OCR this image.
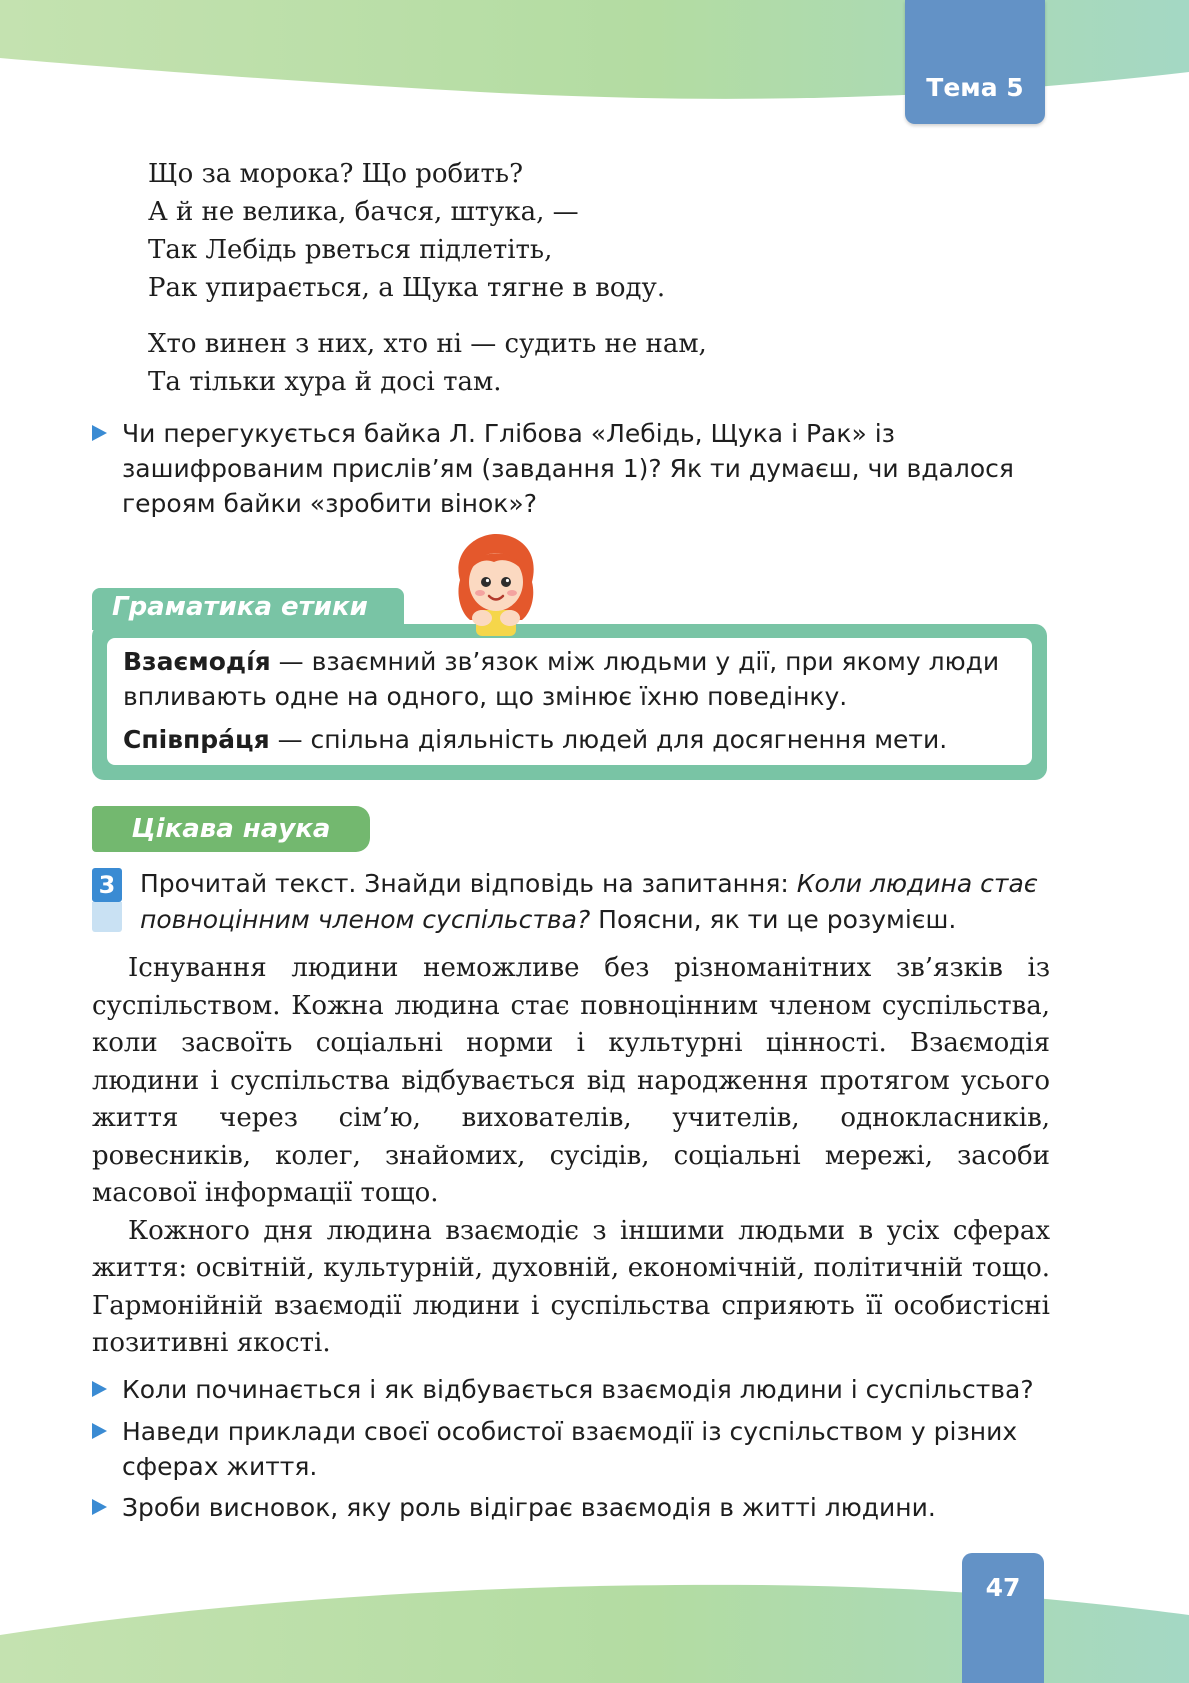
Тема 5
Що за морока? Що робить?
А й не велика, бачся, штука, —
Так Лебідь рветься підлетіть,
Рак упирається, а Щука тягне в воду.
Хто винен з них, хто ні — судить не нам,
Та тільки хура й досі там.
Чи перегукується байка Л. Глібова «Лебідь, Щука і Рак» із зашифрованим прислів’ям (завдання 1)? Як ти думаєш, чи вдалося героям байки «зробити вінок»?
Граматика етики

Взаємодíя — взаємний зв’язок між людьми у дії, при якому люди впливають одне на одного, що змінює їхню поведінку.

Співпрáця — спільна діяльність людей для досягнення мети.

Цікава наука
3 Прочитай текст. Знайди відповідь на запитання: Коли людина стає повноцінним членом суспільства? Поясни, як ти це розумієш.

Існування людини неможливе без різноманітних зв’язків із суспільством. Кожна людина стає повноцінним членом суспільства, коли засвоїть соціальні норми і культурні цінності. Взаємодія людини і суспільства відбувається від народження протягом усього життя через сім’ю, вихователів, учителів, однокласників, ровесників, колег, знайомих, сусідів, соціальні мережі, засоби масової інформації тощо.

Кожного дня людина взаємодіє з іншими людьми в усіх сферах життя: освітній, культурній, духовній, економічній, політичній тощо. Гармонійній взаємодії людини і суспільства сприяють її особистісні позитивні якості.

Коли починається і як відбувається взаємодія людини і суспільства?
Наведи приклади своєї особистої взаємодії із суспільством у різних сферах життя.
Зроби висновок, яку роль відіграє взаємодія в житті людини.
47
